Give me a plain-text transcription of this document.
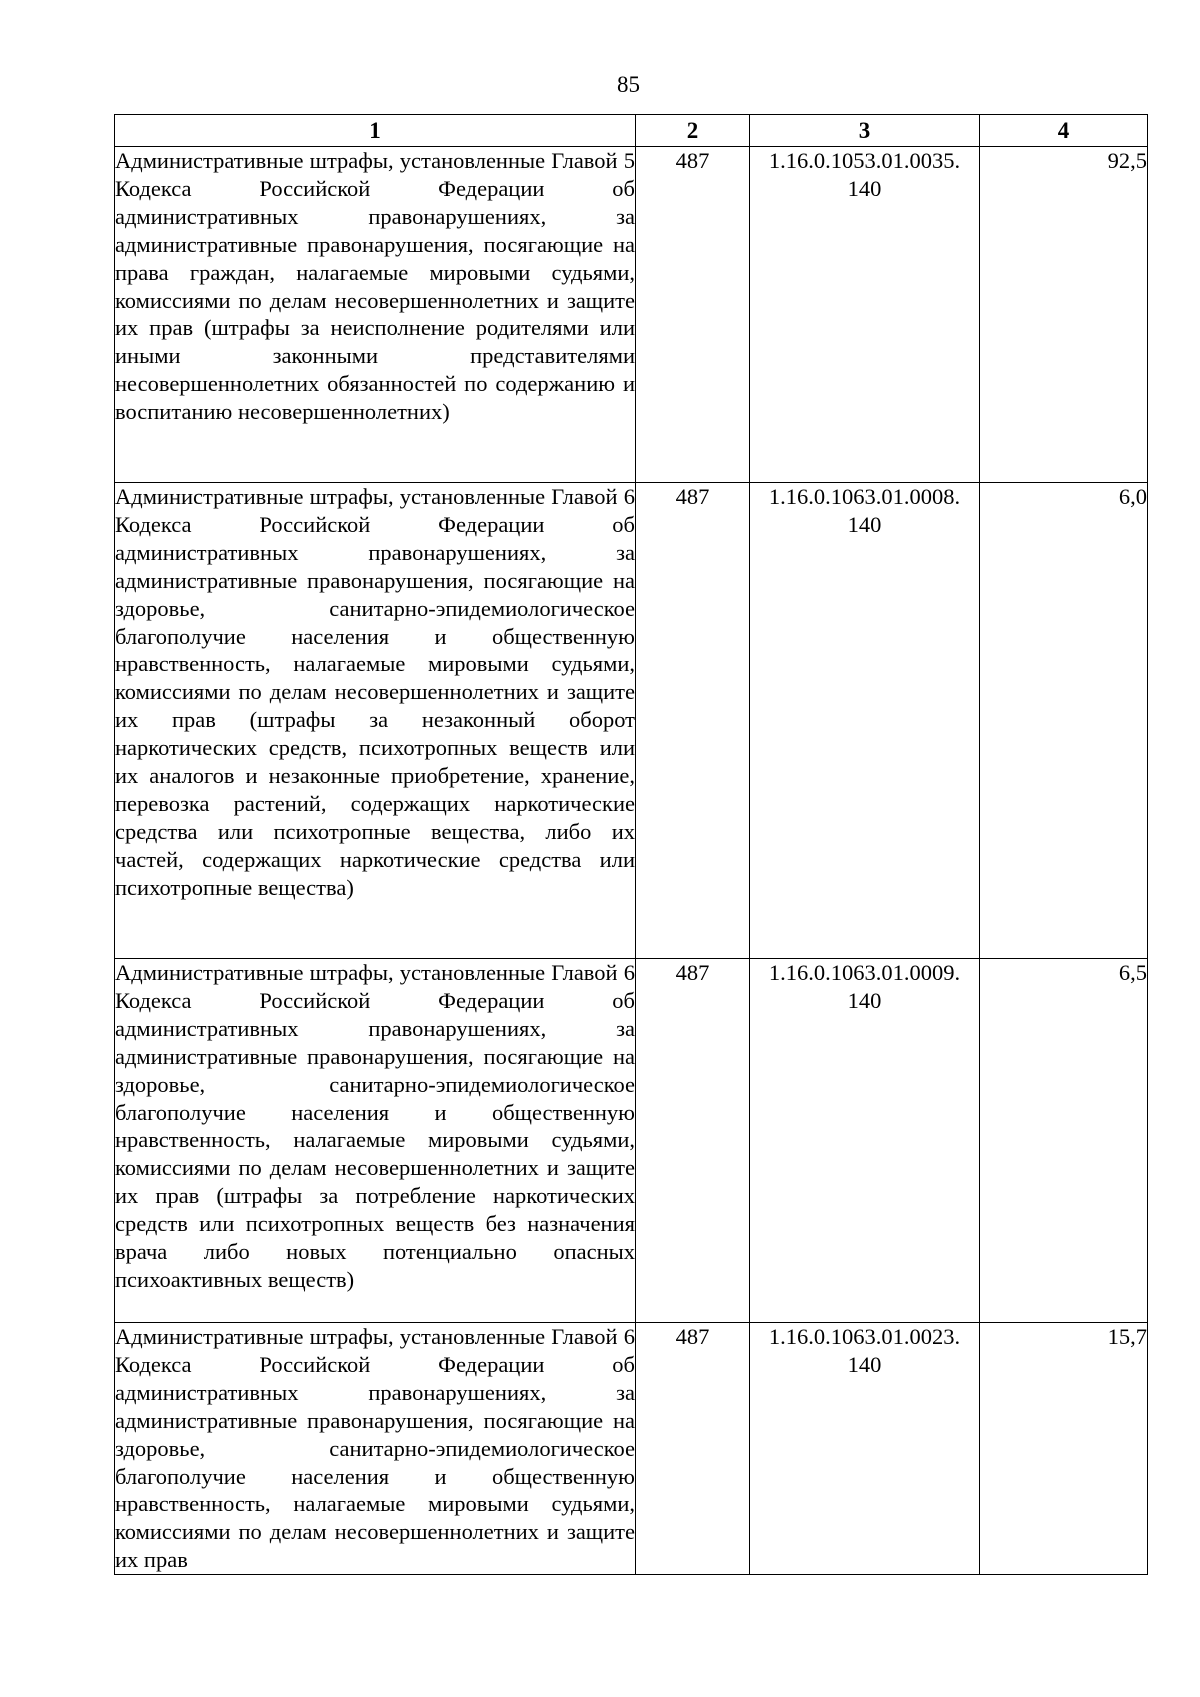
85
1	2	3	4
Административные штрафы, установленные Главой 5 Кодекса Российской Федерации об административных правонарушениях, за административные правонарушения, посягающие на права граждан, налагаемые мировыми судьями, комиссиями по делам несовершеннолетних и защите их прав (штрафы за неисполнение родителями или иными законными представителями несовершеннолетних обязанностей по содержанию и воспитанию несовершеннолетних)	487	1.16.0.1053.01.0035. 140	92,5
Административные штрафы, установленные Главой 6 Кодекса Российской Федерации об административных правонарушениях, за административные правонарушения, посягающие на здоровье, санитарно-эпидемиологическое благополучие населения и общественную нравственность, налагаемые мировыми судьями, комиссиями по делам несовершеннолетних и защите их прав (штрафы за незаконный оборот наркотических средств, психотропных веществ или их аналогов и незаконные приобретение, хранение, перевозка растений, содержащих наркотические средства или психотропные вещества, либо их частей, содержащих наркотические средства или психотропные вещества)	487	1.16.0.1063.01.0008. 140	6,0
Административные штрафы, установленные Главой 6 Кодекса Российской Федерации об административных правонарушениях, за административные правонарушения, посягающие на здоровье, санитарно-эпидемиологическое благополучие населения и общественную нравственность, налагаемые мировыми судьями, комиссиями по делам несовершеннолетних и защите их прав (штрафы за потребление наркотических средств или психотропных веществ без назначения врача либо новых потенциально опасных психоактивных веществ)	487	1.16.0.1063.01.0009. 140	6,5
Административные штрафы, установленные Главой 6 Кодекса Российской Федерации об административных правонарушениях, за административные правонарушения, посягающие на здоровье, санитарно-эпидемиологическое благополучие населения и общественную нравственность, налагаемые мировыми судьями, комиссиями по делам несовершеннолетних и защите их прав	487	1.16.0.1063.01.0023. 140	15,7
